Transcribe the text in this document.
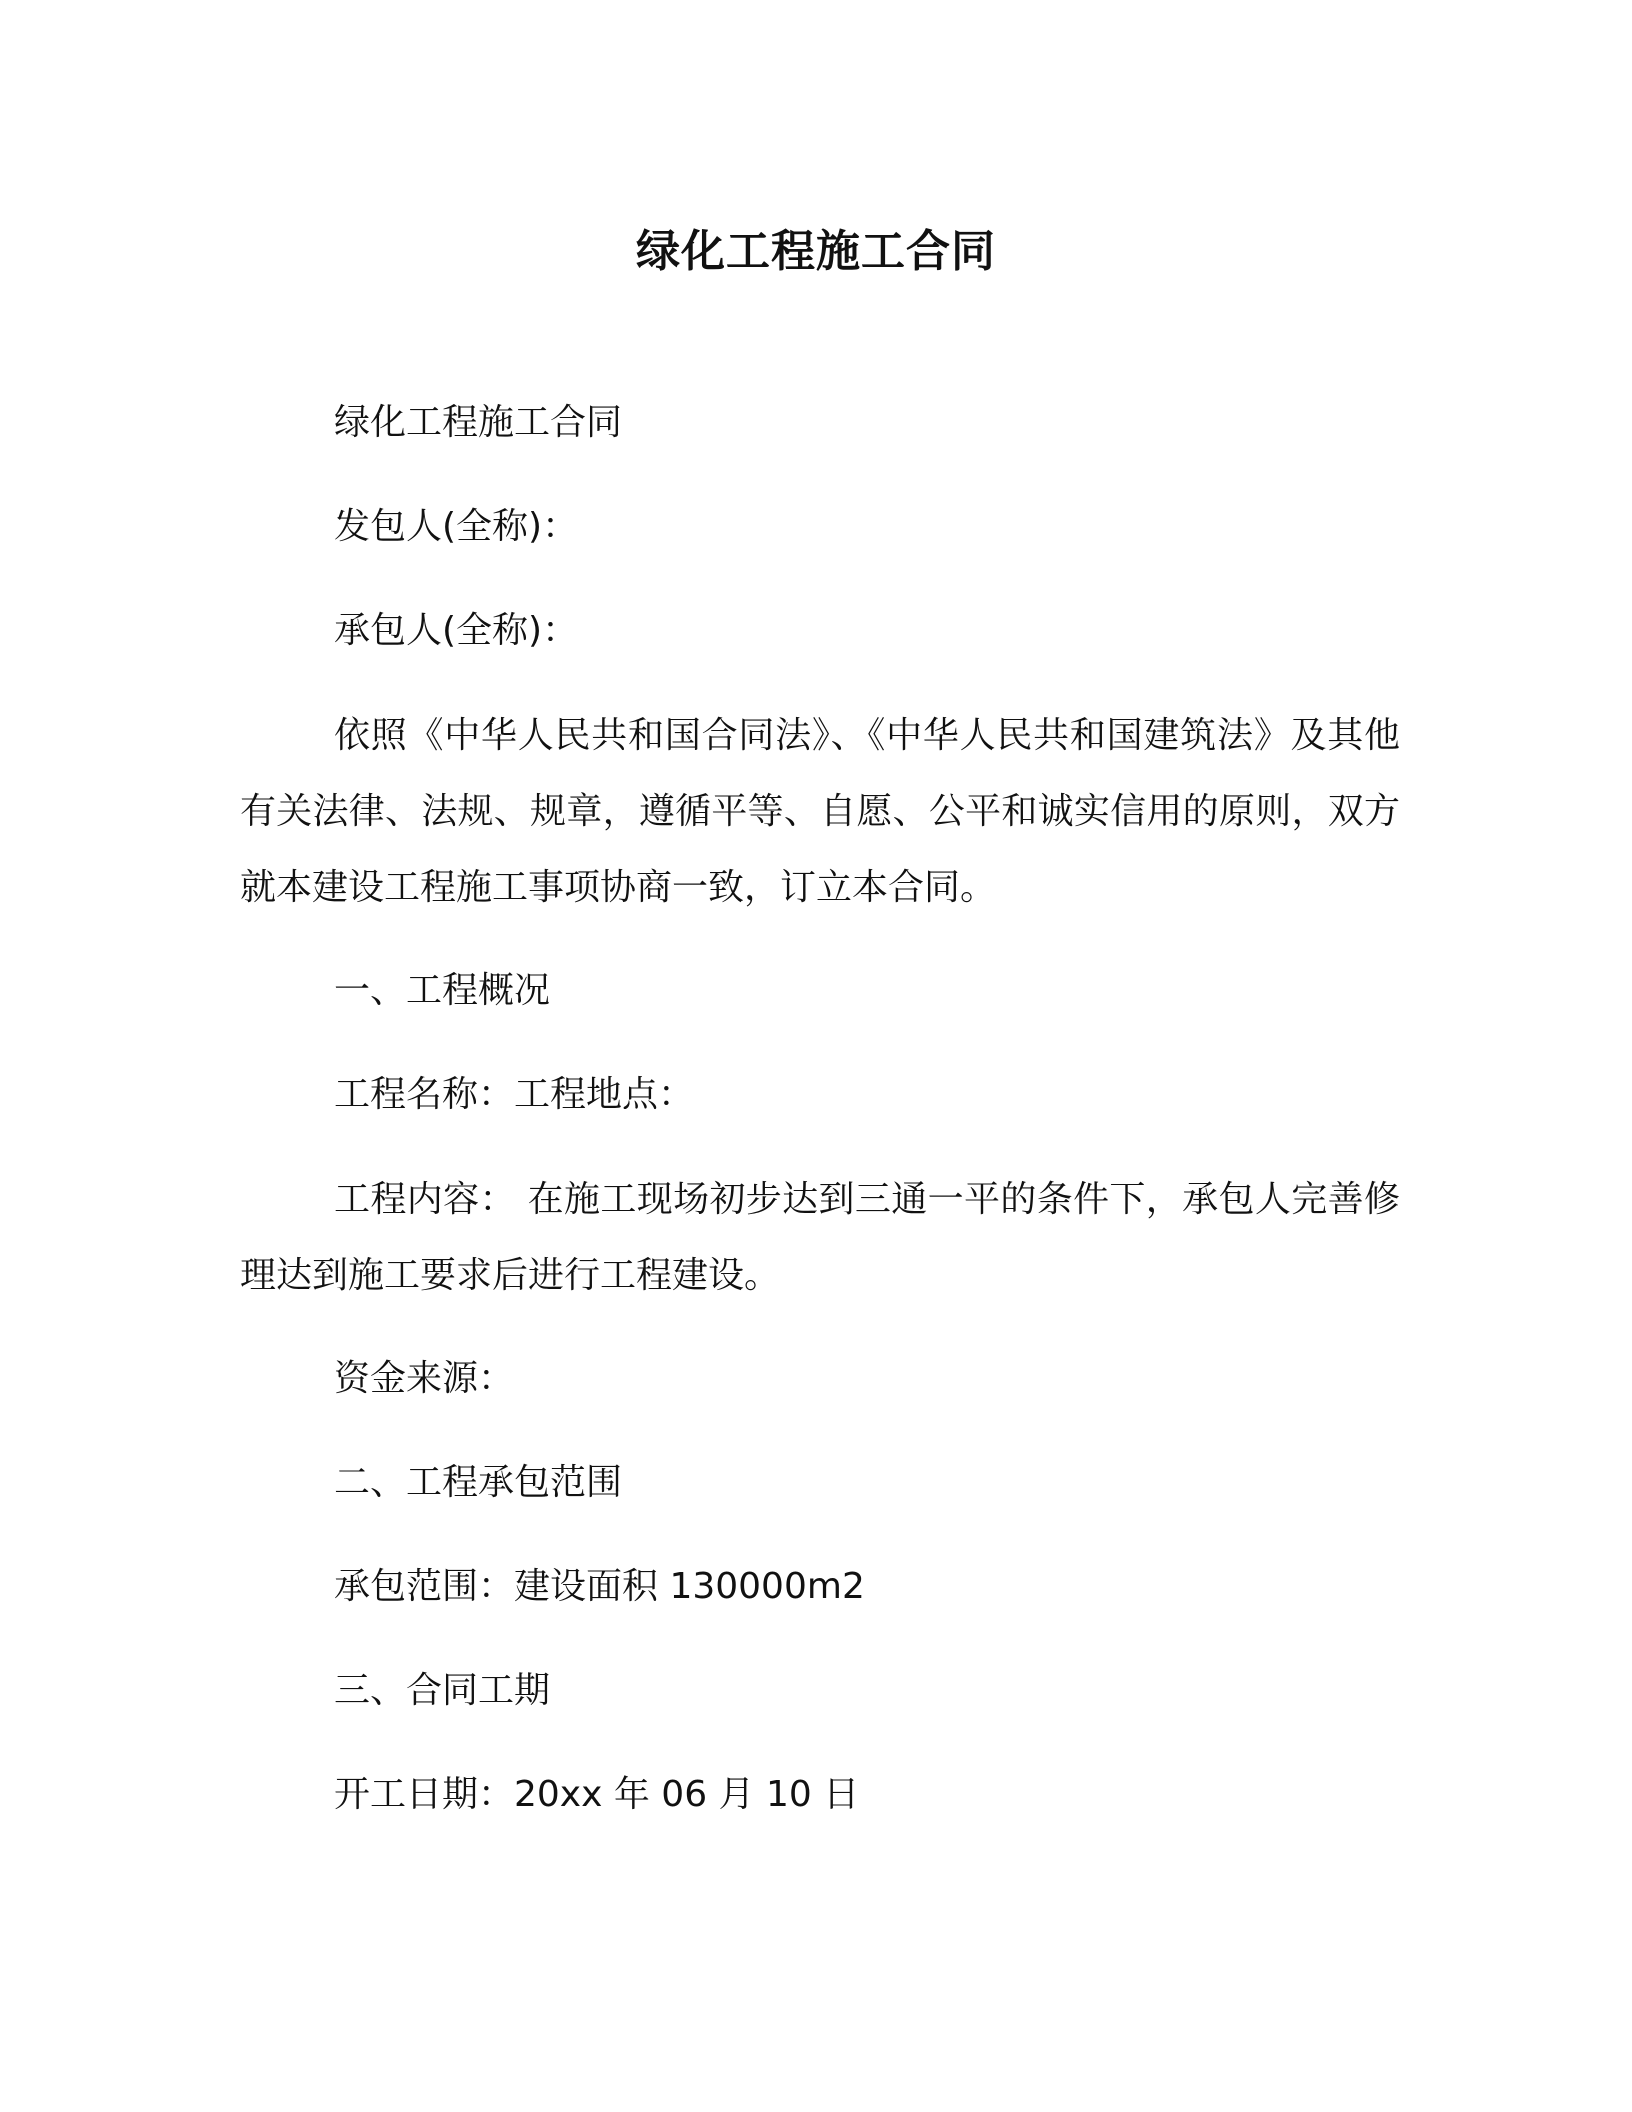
绿化工程施工合同
绿化工程施工合同
发包人(全称)：
承包人(全称)：
依照《中华人民共和国合同法》、《中华人民共和国建筑法》及其他有关法律、法规、规章，遵循平等、自愿、公平和诚实信用的原则，双方就本建设工程施工事项协商一致，订立本合同。
一、工程概况
工程名称：工程地点：
工程内容： 在施工现场初步达到三通一平的条件下，承包人完善修理达到施工要求后进行工程建设。
资金来源：
二、工程承包范围
承包范围：建设面积 130000m2
三、合同工期
开工日期：20xx 年 06 月 10 日
